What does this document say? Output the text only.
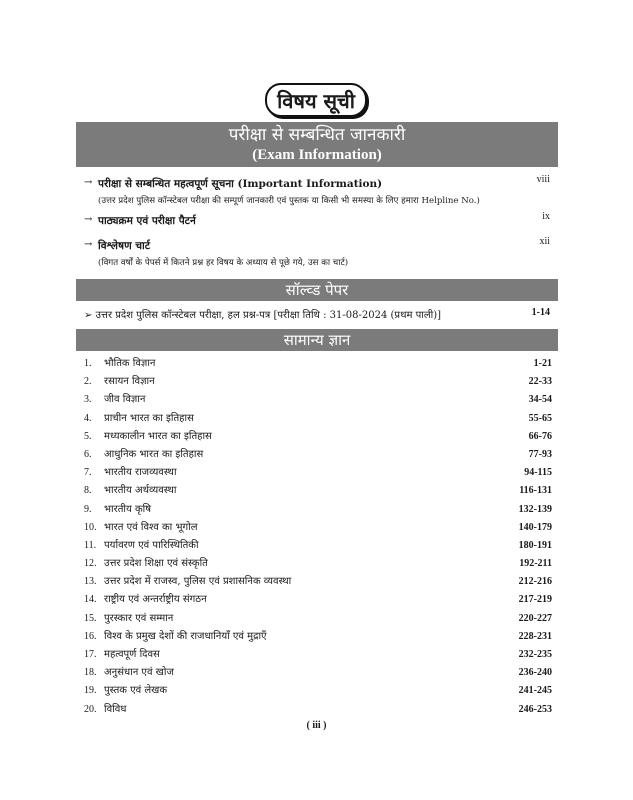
विषय सूची
परीक्षा से सम्बन्धित जानकारी
(Exam Information)
→ परीक्षा से सम्बन्धित महत्वपूर्ण सूचना (Important Information)
(उत्तर प्रदेश पुलिस कॉन्स्टेबल परीक्षा की सम्पूर्ण जानकारी एवं पुस्तक या किसी भी समस्या के लिए हमारा Helpline No.)
viii
→ पाठ्यक्रम एवं परीक्षा पैटर्न	ix
→ विश्लेषण चार्ट
(विगत वर्षों के पेपर्स में कितने प्रश्न हर विषय के अध्याय से पूछे गये, उस का चार्ट)
xii
सॉल्व्ड पेपर
➢ उत्तर प्रदेश पुलिस कॉन्स्टेबल परीक्षा, हल प्रश्न-पत्र [परीक्षा तिथि : 31-08-2024 (प्रथम पाली)]	1-14
सामान्य ज्ञान
1. भौतिक विज्ञान	1-21
2. रसायन विज्ञान	22-33
3. जीव विज्ञान	34-54
4. प्राचीन भारत का इतिहास	55-65
5. मध्यकालीन भारत का इतिहास	66-76
6. आधुनिक भारत का इतिहास	77-93
7. भारतीय राजव्यवस्था	94-115
8. भारतीय अर्थव्यवस्था	116-131
9. भारतीय कृषि	132-139
10. भारत एवं विश्व का भूगोल	140-179
11. पर्यावरण एवं पारिस्थितिकी	180-191
12. उत्तर प्रदेश शिक्षा एवं संस्कृति	192-211
13. उत्तर प्रदेश में राजस्व, पुलिस एवं प्रशासनिक व्यवस्था	212-216
14. राष्ट्रीय एवं अन्तर्राष्ट्रीय संगठन	217-219
15. पुरस्कार एवं सम्मान	220-227
16. विश्व के प्रमुख देशों की राजधानियाँ एवं मुद्राएँ	228-231
17. महत्वपूर्ण दिवस	232-235
18. अनुसंधान एवं खोज	236-240
19. पुस्तक एवं लेखक	241-245
20. विविध	246-253
( iii )
